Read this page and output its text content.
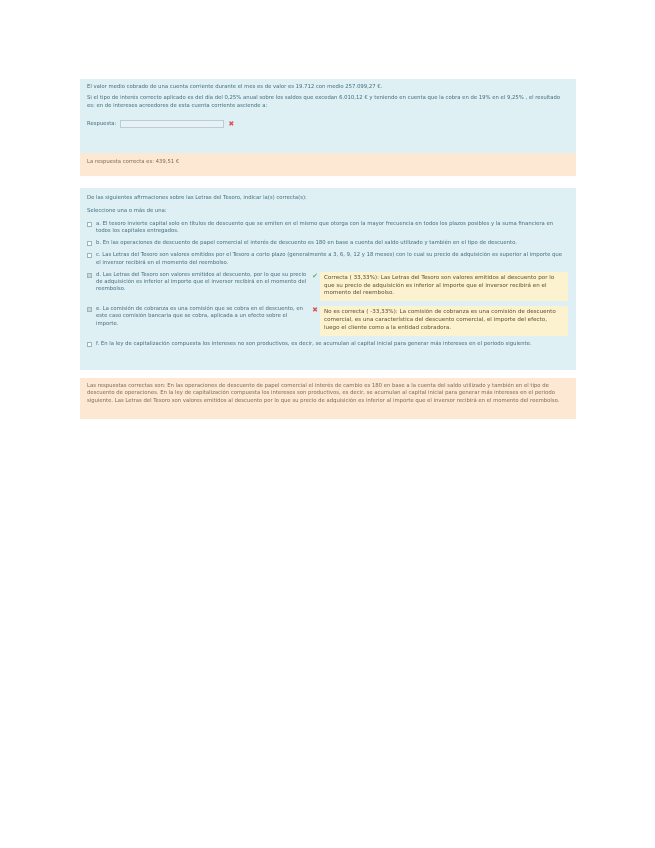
El valor medio cobrado de una cuenta corriente durante el mes es de valor es 19.712 con medio 257.099,27 €.

Si el tipo de interés correcto aplicado es del día del 0,25% anual sobre los saldos que excedan 6.010,12 € y teniendo en cuenta que la cobra en de 19% en el 9,25% , el resultado es: en de intereses acreedores de esta cuenta corriente asciende a:

Respuesta:	✖

La respuesta correcta es: 439,51 €

De las siguientes afirmaciones sobre las Letras del Tesoro, indicar la(s) correcta(s):

Seleccione una o más de una:

a. El tesoro invierte capital solo en títulos de descuento que se emiten en el mismo que otorga con la mayor frecuencia en todos los plazos posibles y la suma financiera en todos los capitales entregados.
b. En las operaciones de descuento de papel comercial el interés de descuento es 180 en base a cuenta del saldo utilizado y también en el tipo de descuento.
c. Las Letras del Tesoro son valores emitidos por el Tesoro a corto plazo (generalmente a 3, 6, 9, 12 y 18 meses) con lo cual su precio de adquisición es superior al importe que el inversor recibirá en el momento del reembolso.
d. Las Letras del Tesoro son valores emitidos al descuento, por lo que su precio de adquisición es inferior al importe que el inversor recibirá en el momento del reembolso.
✔	Correcta ( 33,33%): Las Letras del Tesoro son valores emitidos al descuento por lo que su precio de adquisición es inferior al importe que el inversor recibirá en el momento del reembolso.
e. La comisión de cobranza es una comisión que se cobra en el descuento, en este caso comisión bancaria que se cobra, aplicada a un efecto sobre el importe.
✖	No es correcta ( -33,33%): La comisión de cobranza es una comisión de descuento comercial, es una característica del descuento comercial, el importe del efecto, luego el cliente como a la entidad cobradora.
f. En la ley de capitalización compuesta los intereses no son productivos, es decir, se acumulan al capital inicial para generar más intereses en el periodo siguiente.

Las respuestas correctas son: En las operaciones de descuento de papel comercial el interés de cambio es 180 en base a la cuenta del saldo utilizado y también en el tipo de descuento de operaciones. En la ley de capitalización compuesta los intereses son productivos, es decir, se acumulan al capital inicial para generar más intereses en el periodo siguiente. Las Letras del Tesoro son valores emitidos al descuento por lo que su precio de adquisición es inferior al importe que el inversor recibirá en el momento del reembolso.
